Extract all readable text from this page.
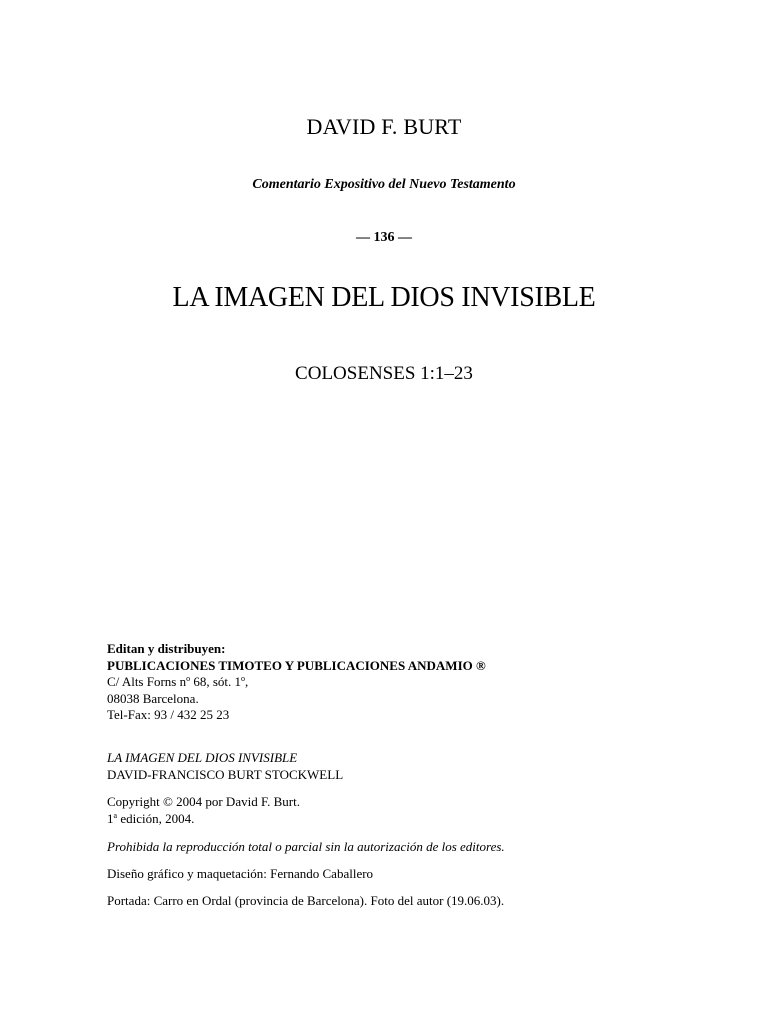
DAVID F. BURT
Comentario Expositivo del Nuevo Testamento
— 136 —
LA IMAGEN DEL DIOS INVISIBLE
COLOSENSES 1:1–23
Editan y distribuyen:
PUBLICACIONES TIMOTEO Y PUBLICACIONES ANDAMIO ®
C/ Alts Forns $n^o$ 68, sót. 1$^o$,
08038 Barcelona.
Tel-Fax: 93 / 432 25 23
LA IMAGEN DEL DIOS INVISIBLE
DAVID-FRANCISCO BURT STOCKWELL
Copyright © 2004 por David F. Burt.
1$^a$ edición, 2004.
Prohibida la reproducción total o parcial sin la autorización de los editores.
Diseño gráfico y maquetación: Fernando Caballero
Portada: Carro en Ordal (provincia de Barcelona). Foto del autor (19.06.03).
